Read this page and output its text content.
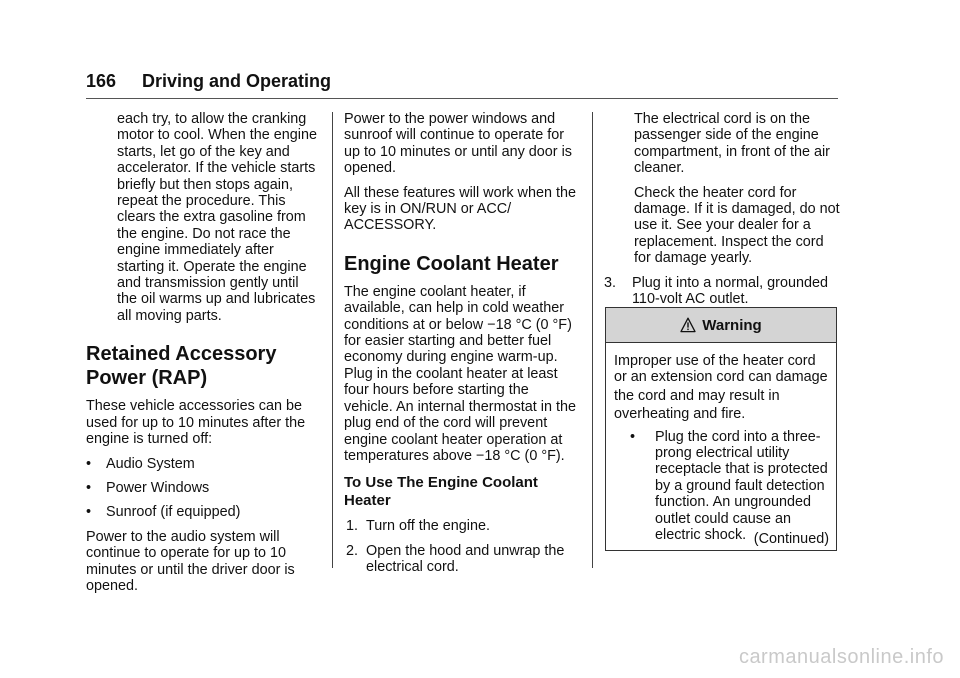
166 Driving and Operating

each try, to allow the cranking motor to cool. When the engine starts, let go of the key and accelerator. If the vehicle starts briefly but then stops again, repeat the procedure. This clears the extra gasoline from the engine. Do not race the engine immediately after starting it. Operate the engine and transmission gently until the oil warms up and lubricates all moving parts.

Retained Accessory
Power (RAP)

These vehicle accessories can be used for up to 10 minutes after the engine is turned off:

•	Audio System
•	Power Windows
•	Sunroof (if equipped)

Power to the audio system will continue to operate for up to 10 minutes or until the driver door is opened.

Power to the power windows and sunroof will continue to operate for up to 10 minutes or until any door is opened.

All these features will work when the key is in ON/RUN or ACC/ ACCESSORY.

Engine Coolant Heater

The engine coolant heater, if available, can help in cold weather conditions at or below −18 °C (0 °F) for easier starting and better fuel economy during engine warm-up. Plug in the coolant heater at least four hours before starting the vehicle. An internal thermostat in the plug end of the cord will prevent engine coolant heater operation at temperatures above −18 °C (0 °F).

To Use The Engine Coolant
Heater
1. Turn off the engine.
2. Open the hood and unwrap the electrical cord.

The electrical cord is on the passenger side of the engine compartment, in front of the air cleaner.

Check the heater cord for damage. If it is damaged, do not use it. See your dealer for a replacement. Inspect the cord for damage yearly.

3.	Plug it into a normal, grounded 110-volt AC outlet.
Warning

Improper use of the heater cord or an extension cord can damage

the cord and may result in

overheating and fire.

•	Plug the cord into a three-prong electrical utility receptacle that is protected by a ground fault detection function. An ungrounded outlet could cause an electric shock. (Continued)
carmanualsonline.info
